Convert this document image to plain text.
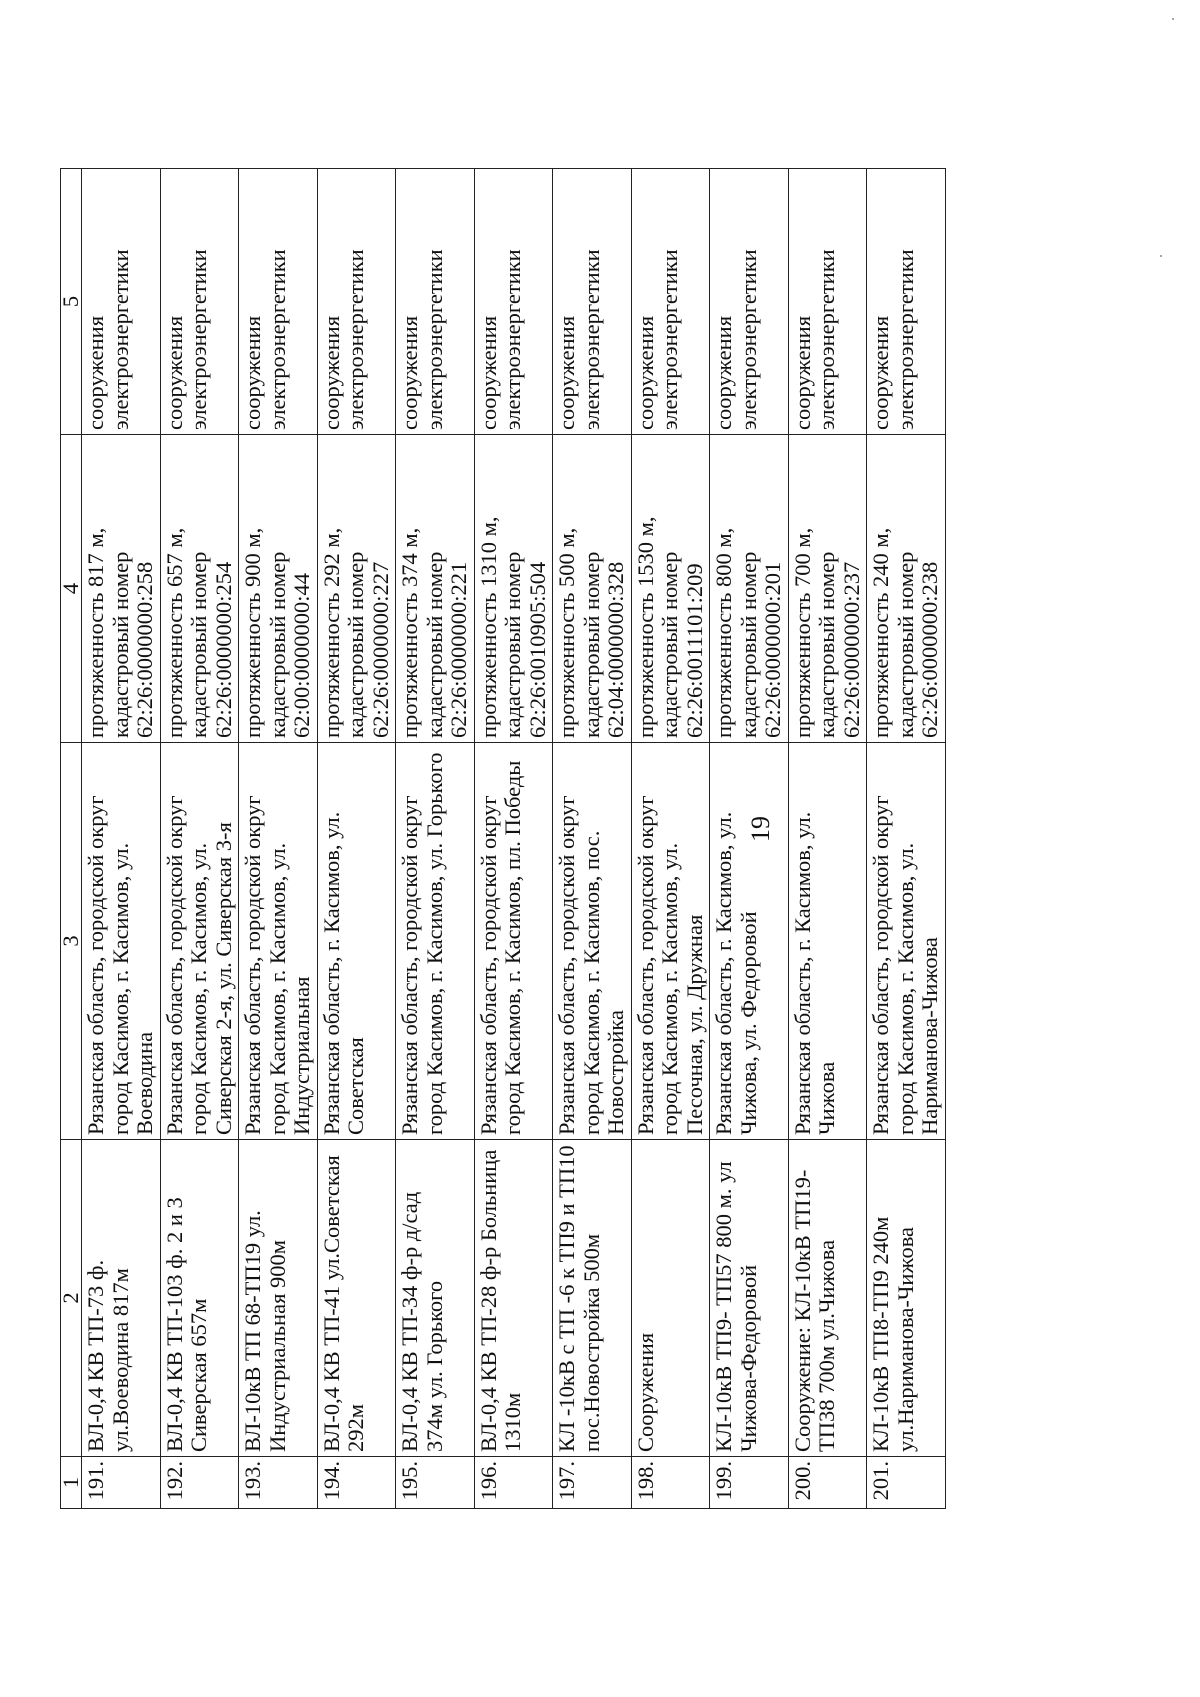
19
1	2	3	4	5
191.	ВЛ-0,4 КВ ТП-73 ф. ул.Воеводина 817м	Рязанская область, городской округ город Касимов, г. Касимов, ул. Воеводина	протяженность 817 м, кадастровый номер 62:26:0000000:258	сооружения электроэнергетики

192.	ВЛ-0,4 КВ ТП-103 ф. 2 и 3 Сиверская 657м	Рязанская область, городской округ город Касимов, г. Касимов, ул. Сиверская 2-я, ул. Сиверская 3-я	протяженность 657 м, кадастровый номер 62:26:0000000:254	сооружения электроэнергетики

193.	ВЛ-10кВ ТП 68-ТП19 ул. Индустриальная 900м	Рязанская область, городской округ город Касимов, г. Касимов, ул. Индустриальная	протяженность 900 м, кадастровый номер 62:00:0000000:44	сооружения электроэнергетики

194.	ВЛ-0,4 КВ ТП-41 ул.Советская 292м	Рязанская область, г. Касимов, ул. Советская	протяженность 292 м, кадастровый номер 62:26:0000000:227	сооружения электроэнергетики

195.	ВЛ-0,4 КВ ТП-34 ф-р д/сад 374м ул. Горького	Рязанская область, городской округ город Касимов, г. Касимов, ул. Горького	протяженность 374 м, кадастровый номер 62:26:0000000:221	сооружения электроэнергетики

196.	ВЛ-0,4 КВ ТП-28 ф-р Больница 1310м	Рязанская область, городской округ город Касимов, г. Касимов, пл. Победы	протяженность 1310 м, кадастровый номер 62:26:0010905:504	сооружения электроэнергетики

197.	КЛ -10кВ с ТП -6 к ТП9 и ТП10 пос.Новостройка 500м	Рязанская область, городской округ город Касимов, г. Касимов, пос. Новостройка	протяженность 500 м, кадастровый номер 62:04:0000000:328	сооружения электроэнергетики

198.	Сооружения	Рязанская область, городской округ город Касимов, г. Касимов, ул. Песочная, ул. Дружная	протяженность 1530 м, кадастровый номер 62:26:0011101:209	сооружения электроэнергетики

199.	КЛ-10кВ ТП9- ТП57 800 м. ул Чижова-Федоровой	Рязанская область, г. Касимов, ул. Чижова, ул. Федоровой	протяженность 800 м, кадастровый номер 62:26:0000000:201	сооружения электроэнергетики

200.	Сооружение: КЛ-10кВ ТП19-ТП38 700м ул.Чижова	Рязанская область, г. Касимов, ул. Чижова	протяженность 700 м, кадастровый номер 62:26:0000000:237	сооружения электроэнергетики

201.	КЛ-10кВ ТП8-ТП9 240м ул.Нариманова-Чижова	Рязанская область, городской округ город Касимов, г. Касимов, ул. Нариманова-Чижова	протяженность 240 м, кадастровый номер 62:26:0000000:238	сооружения электроэнергетики
